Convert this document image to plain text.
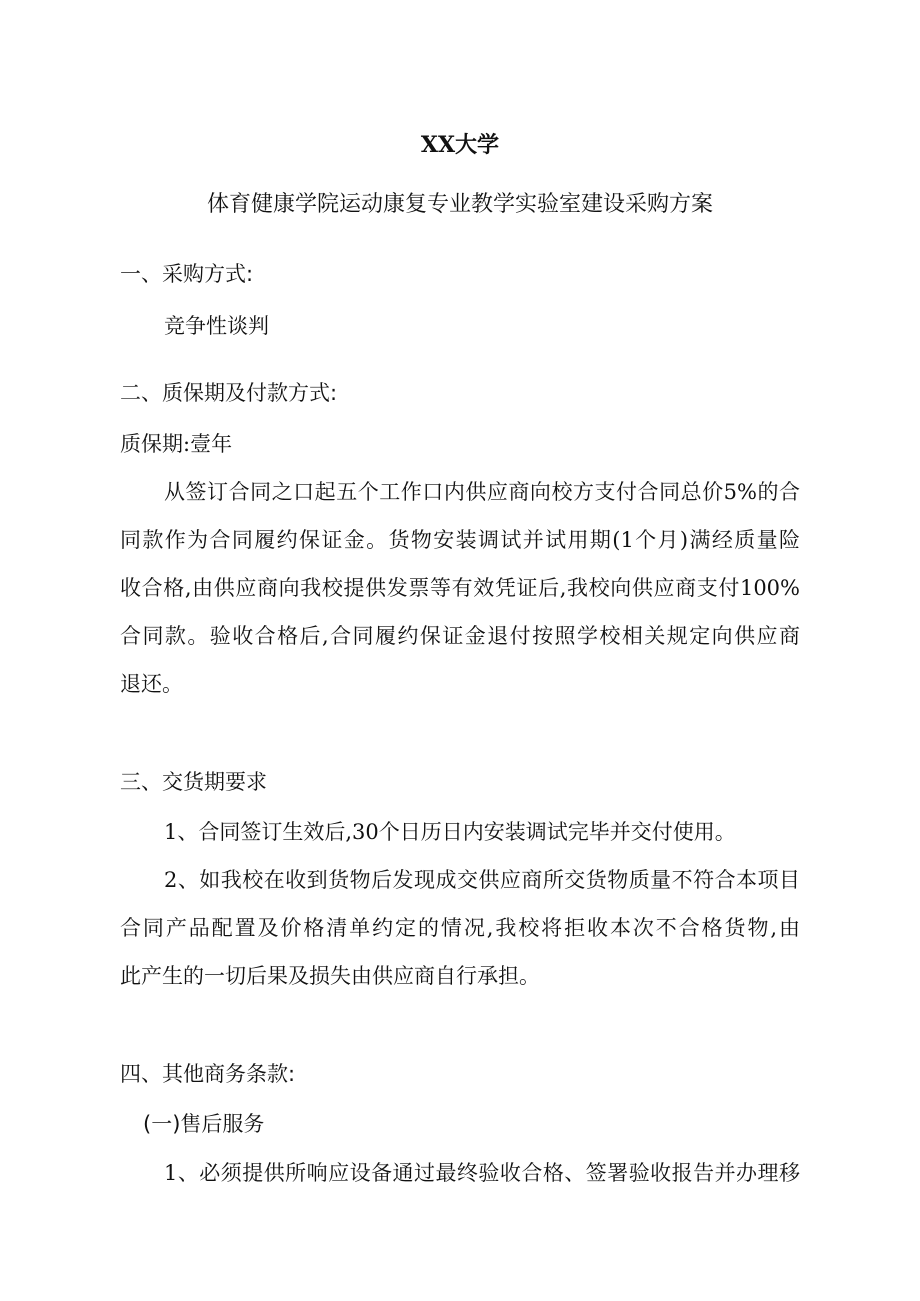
XX大学
体育健康学院运动康复专业教学实验室建设采购方案
一、采购方式:
竞争性谈判
二、质保期及付款方式:
质保期:壹年
从签订合同之口起五个工作口内供应商向校方支付合同总价5%的合
同款作为合同履约保证金。货物安装调试并试用期(1个月)满经质量险
收合格,由供应商向我校提供发票等有效凭证后,我校向供应商支付100%
合同款。验收合格后,合同履约保证金退付按照学校相关规定向供应商
退还。
三、交货期要求
1、合同签订生效后,30个日历日内安装调试完毕并交付使用。
2、如我校在收到货物后发现成交供应商所交货物质量不符合本项目
合同产品配置及价格清单约定的情况,我校将拒收本次不合格货物,由
此产生的一切后果及损失由供应商自行承担。
四、其他商务条款:
(一)售后服务
1、必须提供所响应设备通过最终验收合格、签署验收报告并办理移
